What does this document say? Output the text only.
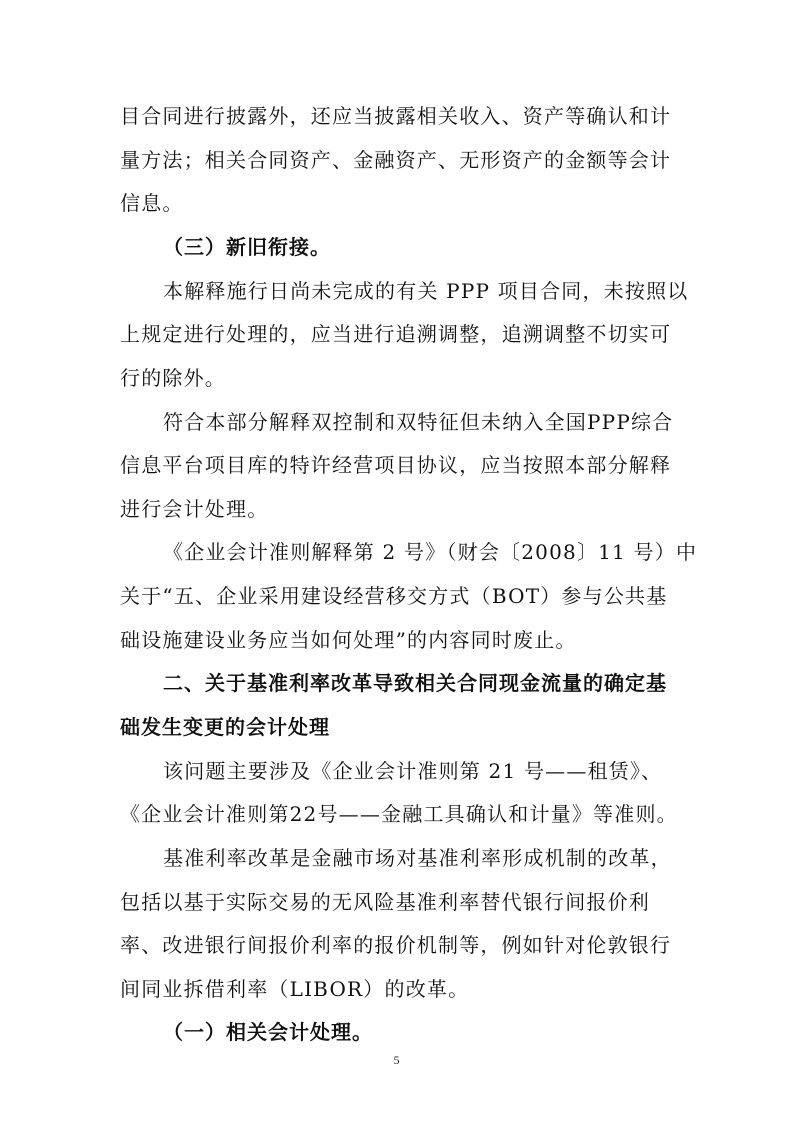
目合同进行披露外，还应当披露相关收入、资产等确认和计

量方法；相关合同资产、金融资产、无形资产的金额等会计

信息。

（三）新旧衔接。

本解释施行日尚未完成的有关 PPP 项目合同，未按照以

上规定进行处理的，应当进行追溯调整，追溯调整不切实可

行的除外。

符合本部分解释双控制和双特征但未纳入全国PPP综合

信息平台项目库的特许经营项目协议，应当按照本部分解释

进行会计处理。

《企业会计准则解释第 2 号》（财会〔2008〕11 号）中

关于“五、企业采用建设经营移交方式（BOT）参与公共基

础设施建设业务应当如何处理”的内容同时废止。

二、关于基准利率改革导致相关合同现金流量的确定基

础发生变更的会计处理

该问题主要涉及《企业会计准则第 21 号——租赁》、

《企业会计准则第22号——金融工具确认和计量》等准则。

基准利率改革是金融市场对基准利率形成机制的改革，

包括以基于实际交易的无风险基准利率替代银行间报价利

率、改进银行间报价利率的报价机制等，例如针对伦敦银行

间同业拆借利率（LIBOR）的改革。

（一）相关会计处理。

5
